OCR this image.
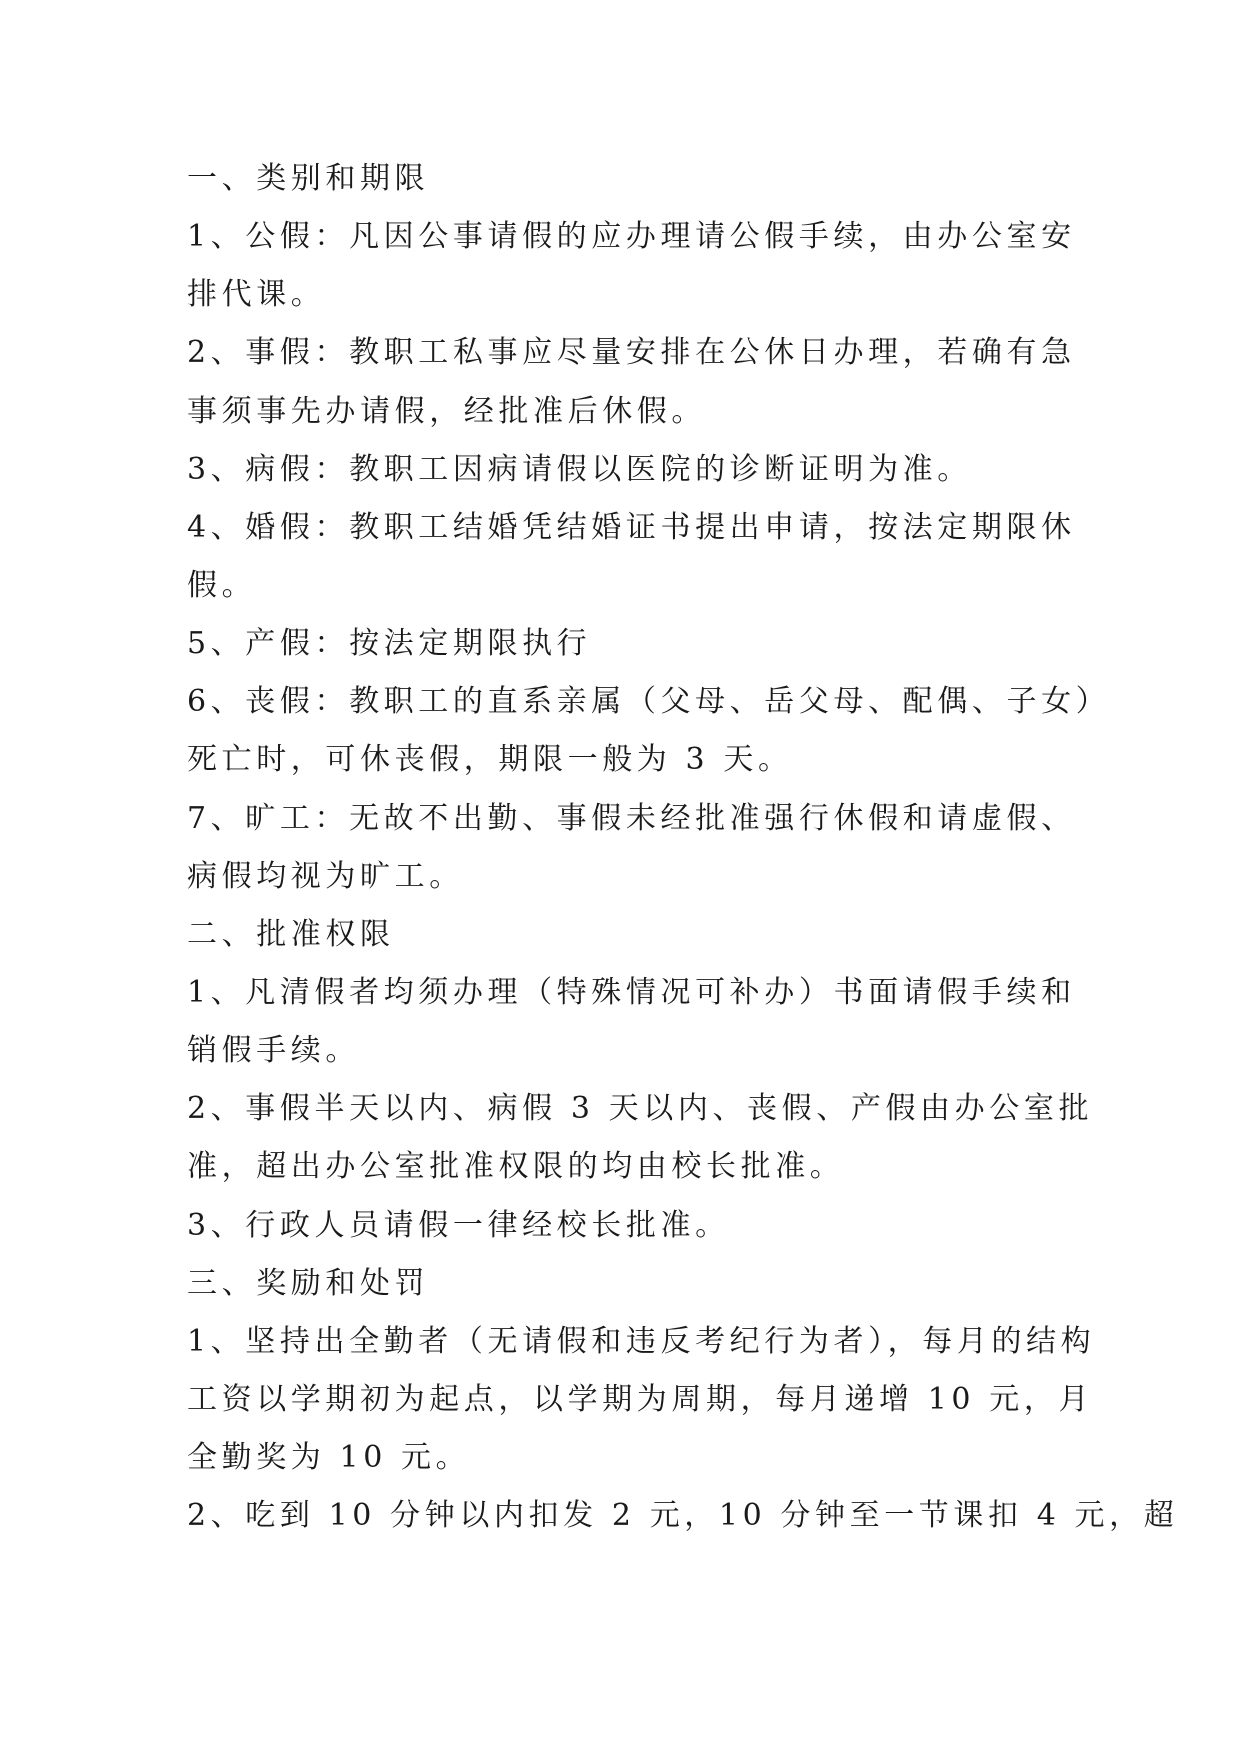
一、类别和期限
1、公假：凡因公事请假的应办理请公假手续，由办公室安
排代课。
2、事假：教职工私事应尽量安排在公休日办理，若确有急
事须事先办请假，经批准后休假。
3、病假：教职工因病请假以医院的诊断证明为准。
4、婚假：教职工结婚凭结婚证书提出申请，按法定期限休
假。
5、产假：按法定期限执行
6、丧假：教职工的直系亲属（父母、岳父母、配偶、子女）
死亡时，可休丧假，期限一般为 3 天。
7、旷工：无故不出勤、事假未经批准强行休假和请虚假、
病假均视为旷工。
二、批准权限
1、凡清假者均须办理（特殊情况可补办）书面请假手续和
销假手续。
2、事假半天以内、病假 3 天以内、丧假、产假由办公室批
准，超出办公室批准权限的均由校长批准。
3、行政人员请假一律经校长批准。
三、奖励和处罚
1、坚持出全勤者（无请假和违反考纪行为者），每月的结构
工资以学期初为起点，以学期为周期，每月递增 10 元，月
全勤奖为 10 元。
2、吃到 10 分钟以内扣发 2 元，10 分钟至一节课扣 4 元，超
